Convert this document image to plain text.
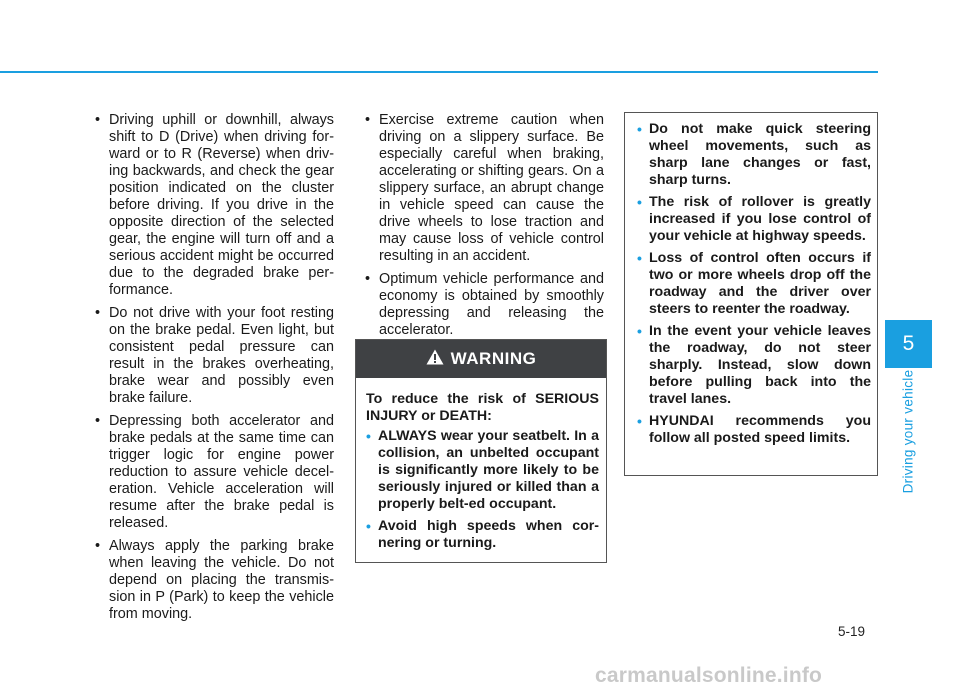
• Driving uphill or downhill, always shift to D (Drive) when driving for-ward or to R (Reverse) when driv-ing backwards, and check the gear position indicated on the cluster before driving. If you drive in the opposite direction of the selected gear, the engine will turn off and a serious accident might be occurred due to the degraded brake per-formance.
• Do not drive with your foot resting on the brake pedal. Even light, but consistent pedal pressure can result in the brakes overheating, brake wear and possibly even brake failure.
• Depressing both accelerator and brake pedals at the same time can trigger logic for engine power reduction to assure vehicle decel-eration. Vehicle acceleration will resume after the brake pedal is released.
• Always apply the parking brake when leaving the vehicle. Do not depend on placing the transmis-sion in P (Park) to keep the vehicle from moving.
• Exercise extreme caution when driving on a slippery surface. Be especially careful when braking, accelerating or shifting gears. On a slippery surface, an abrupt change in vehicle speed can cause the drive wheels to lose traction and may cause loss of vehicle control resulting in an accident.
• Optimum vehicle performance and economy is obtained by smoothly depressing and releasing the accelerator.
WARNING
To reduce the risk of SERIOUS INJURY or DEATH:
• ALWAYS wear your seatbelt. In a collision, an unbelted occupant is significantly more likely to be seriously injured or killed than a properly belt-ed occupant.
• Avoid high speeds when cor-nering or turning.
• Do not make quick steering wheel movements, such as sharp lane changes or fast, sharp turns.
• The risk of rollover is greatly increased if you lose control of your vehicle at highway speeds.
• Loss of control often occurs if two or more wheels drop off the roadway and the driver over steers to reenter the roadway.
• In the event your vehicle leaves the roadway, do not steer sharply. Instead, slow down before pulling back into the travel lanes.
• HYUNDAI recommends you follow all posted speed limits.
5
Driving your vehicle
5-19
carmanualsonline.info
